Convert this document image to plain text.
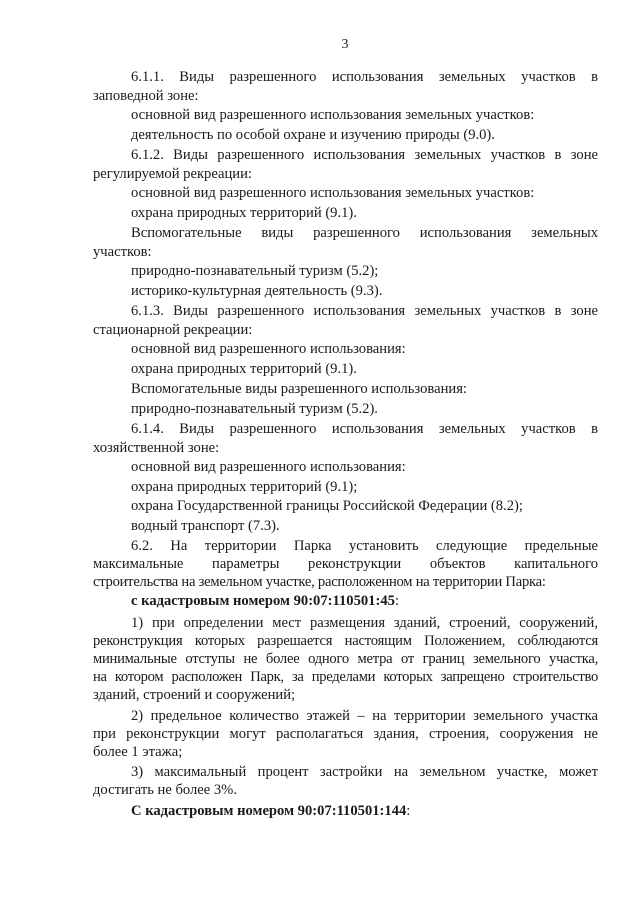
3
6.1.1. Виды разрешенного использования земельных участков в
заповедной зоне:
основной вид разрешенного использования земельных участков:
деятельность по особой охране и изучению природы (9.0).
6.1.2. Виды разрешенного использования земельных участков в зоне
регулируемой рекреации:
основной вид разрешенного использования земельных участков:
охрана природных территорий (9.1).
Вспомогательные виды разрешенного использования земельных
участков:
природно-познавательный туризм (5.2);
историко-культурная деятельность (9.3).
6.1.3. Виды разрешенного использования земельных участков в зоне
стационарной рекреации:
основной вид разрешенного использования:
охрана природных территорий (9.1).
Вспомогательные виды разрешенного использования:
природно-познавательный туризм (5.2).
6.1.4. Виды разрешенного использования земельных участков в
хозяйственной зоне:
основной вид разрешенного использования:
охрана природных территорий (9.1);
охрана Государственной границы Российской Федерации (8.2);
водный транспорт (7.3).
6.2. На территории Парка установить следующие предельные
максимальные параметры реконструкции объектов капитального
строительства на земельном участке, расположенном на территории Парка:
с кадастровым номером 90:07:110501:45:
1) при определении мест размещения зданий, строений, сооружений,
реконструкция которых разрешается настоящим Положением, соблюдаются
минимальные отступы не более одного метра от границ земельного участка,
на котором расположен Парк, за пределами которых запрещено строительство
зданий, строений и сооружений;
2) предельное количество этажей – на территории земельного участка
при реконструкции могут располагаться здания, строения, сооружения не
более 1 этажа;
3) максимальный процент застройки на земельном участке, может
достигать не более 3%.
С кадастровым номером 90:07:110501:144:
